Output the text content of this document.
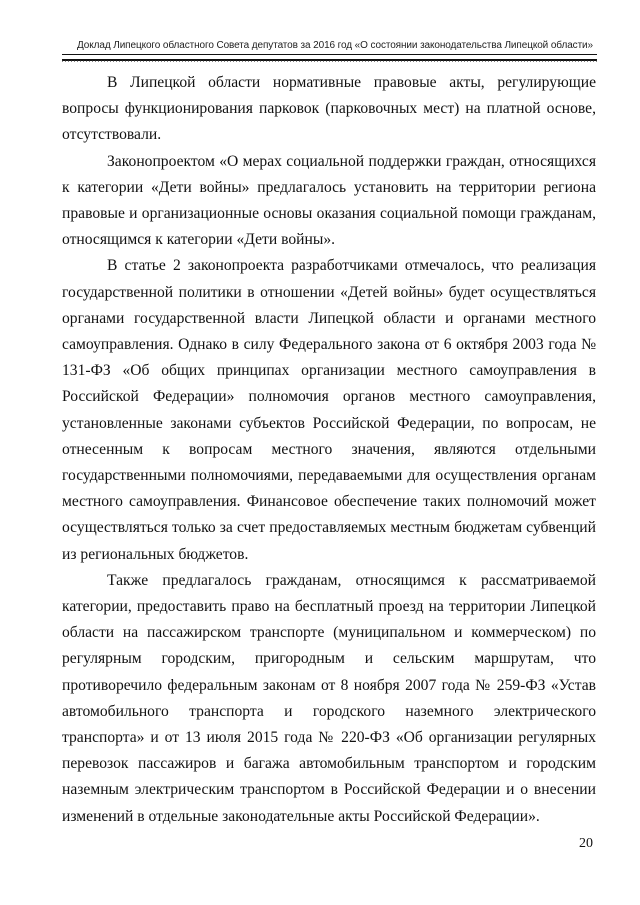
Доклад Липецкого областного Совета депутатов за 2016 год «О состоянии законодательства Липецкой области»

В Липецкой области нормативные правовые акты, регулирующие вопросы функционирования парковок (парковочных мест) на платной основе, отсутствовали.

Законопроектом «О мерах социальной поддержки граждан, относящихся к категории «Дети войны» предлагалось установить на территории региона правовые и организационные основы оказания социальной помощи гражданам, относящимся к категории «Дети войны».

В статье 2 законопроекта разработчиками отмечалось, что реализация государственной политики в отношении «Детей войны» будет осуществляться органами государственной власти Липецкой области и органами местного самоуправления. Однако в силу Федерального закона от 6 октября 2003 года № 131-ФЗ «Об общих принципах организации местного самоуправления в Российской Федерации» полномочия органов местного самоуправления, установленные законами субъектов Российской Федерации, по вопросам, не отнесенным к вопросам местного значения, являются отдельными государственными полномочиями, передаваемыми для осуществления органам местного самоуправления. Финансовое обеспечение таких полномочий может осуществляться только за счет предоставляемых местным бюджетам субвенций из региональных бюджетов.

Также предлагалось гражданам, относящимся к рассматриваемой категории, предоставить право на бесплатный проезд на территории Липецкой области на пассажирском транспорте (муниципальном и коммерческом) по регулярным городским, пригородным и сельским маршрутам, что противоречило федеральным законам от 8 ноября 2007 года № 259-ФЗ «Устав автомобильного транспорта и городского наземного электрического транспорта» и от 13 июля 2015 года № 220-ФЗ «Об организации регулярных перевозок пассажиров и багажа автомобильным транспортом и городским наземным электрическим транспортом в Российской Федерации и о внесении изменений в отдельные законодательные акты Российской Федерации».

20
